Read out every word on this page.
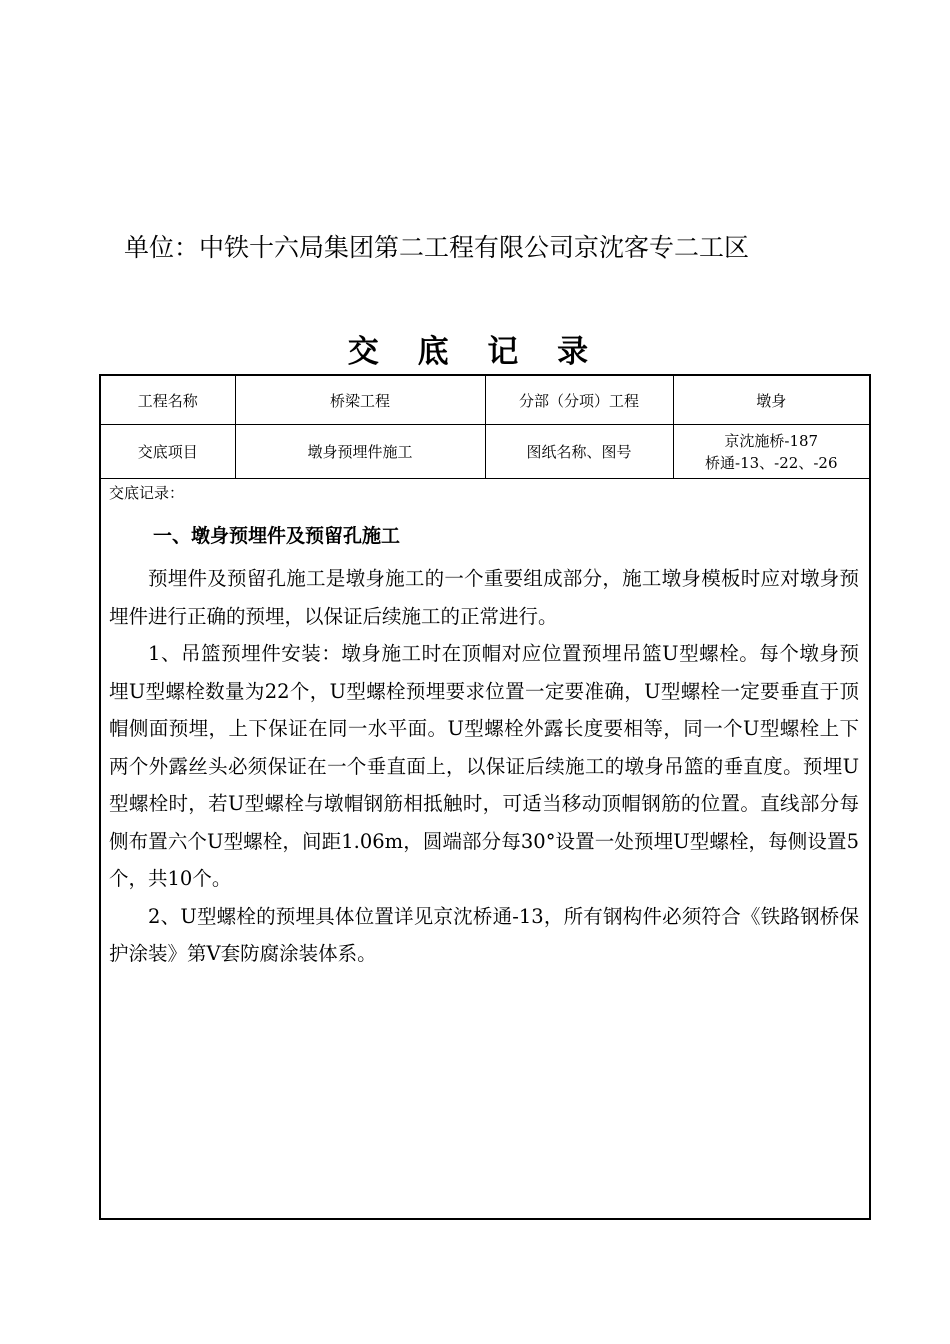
单位：中铁十六局集团第二工程有限公司京沈客专二工区
交 底 记 录
工程名称	桥梁工程	分部（分项）工程	墩身
交底项目	墩身预埋件施工	图纸名称、图号	京沈施桥-187
桥通-13、-22、-26
交底记录：
一、墩身预埋件及预留孔施工

预埋件及预留孔施工是墩身施工的一个重要组成部分，施工墩身模板时应对墩身预埋件进行正确的预埋，以保证后续施工的正常进行。

1、吊篮预埋件安装：墩身施工时在顶帽对应位置预埋吊篮U型螺栓。每个墩身预埋U型螺栓数量为22个，U型螺栓预埋要求位置一定要准确，U型螺栓一定要垂直于顶帽侧面预埋，上下保证在同一水平面。U型螺栓外露长度要相等，同一个U型螺栓上下两个外露丝头必须保证在一个垂直面上，以保证后续施工的墩身吊篮的垂直度。预埋U型螺栓时，若U型螺栓与墩帽钢筋相抵触时，可适当移动顶帽钢筋的位置。直线部分每侧布置六个U型螺栓，间距1.06m，圆端部分每30°设置一处预埋U型螺栓，每侧设置5个，共10个。

2、U型螺栓的预埋具体位置详见京沈桥通-13，所有钢构件必须符合《铁路钢桥保护涂装》第V套防腐涂装体系。
